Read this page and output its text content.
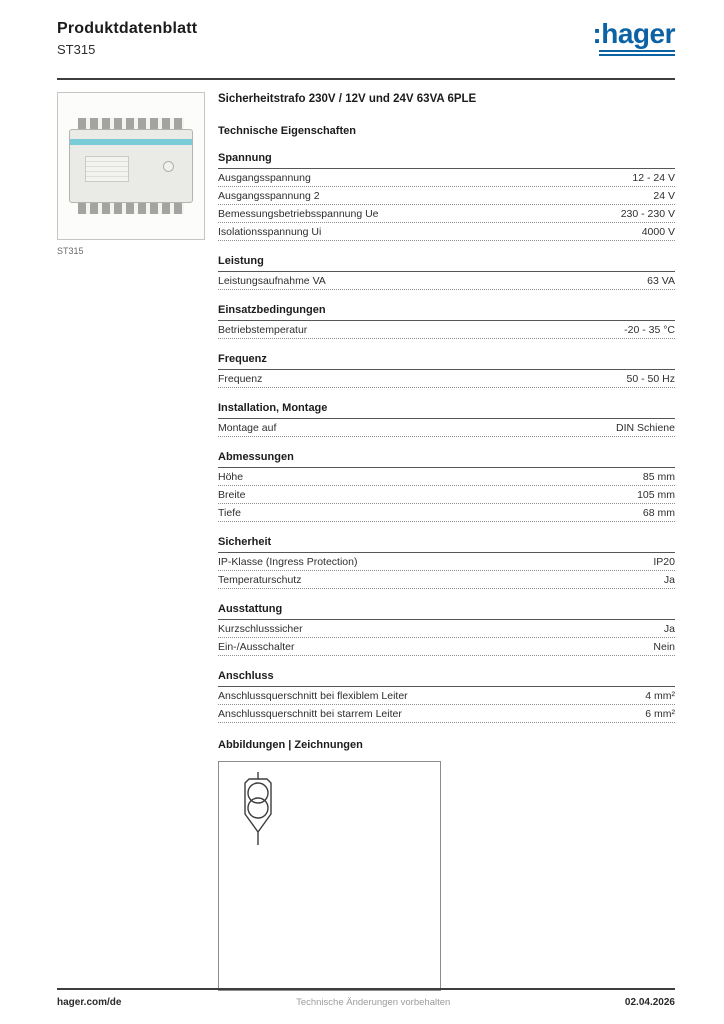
Produktdatenblatt
ST315
:hager
ST315
Sicherheitstrafo 230V / 12V und 24V 63VA 6PLE
Technische Eigenschaften
Spannung
Ausgangsspannung	12 - 24 V
Ausgangsspannung 2	24 V
Bemessungsbetriebsspannung Ue	230 - 230 V
Isolationsspannung Ui	4000 V
Leistung
Leistungsaufnahme VA	63 VA
Einsatzbedingungen
Betriebstemperatur	-20 - 35 °C
Frequenz
Frequenz	50 - 50 Hz
Installation, Montage
Montage auf	DIN Schiene
Abmessungen
Höhe	85 mm
Breite	105 mm
Tiefe	68 mm
Sicherheit
IP-Klasse (Ingress Protection)	IP20
Temperaturschutz	Ja
Ausstattung
Kurzschlusssicher	Ja
Ein-/Ausschalter	Nein
Anschluss
Anschlussquerschnitt bei flexiblem Leiter	4 mm²
Anschlussquerschnitt bei starrem Leiter	6 mm²
Abbildungen | Zeichnungen
hager.com/de	Technische Änderungen vorbehalten	02.04.2026
